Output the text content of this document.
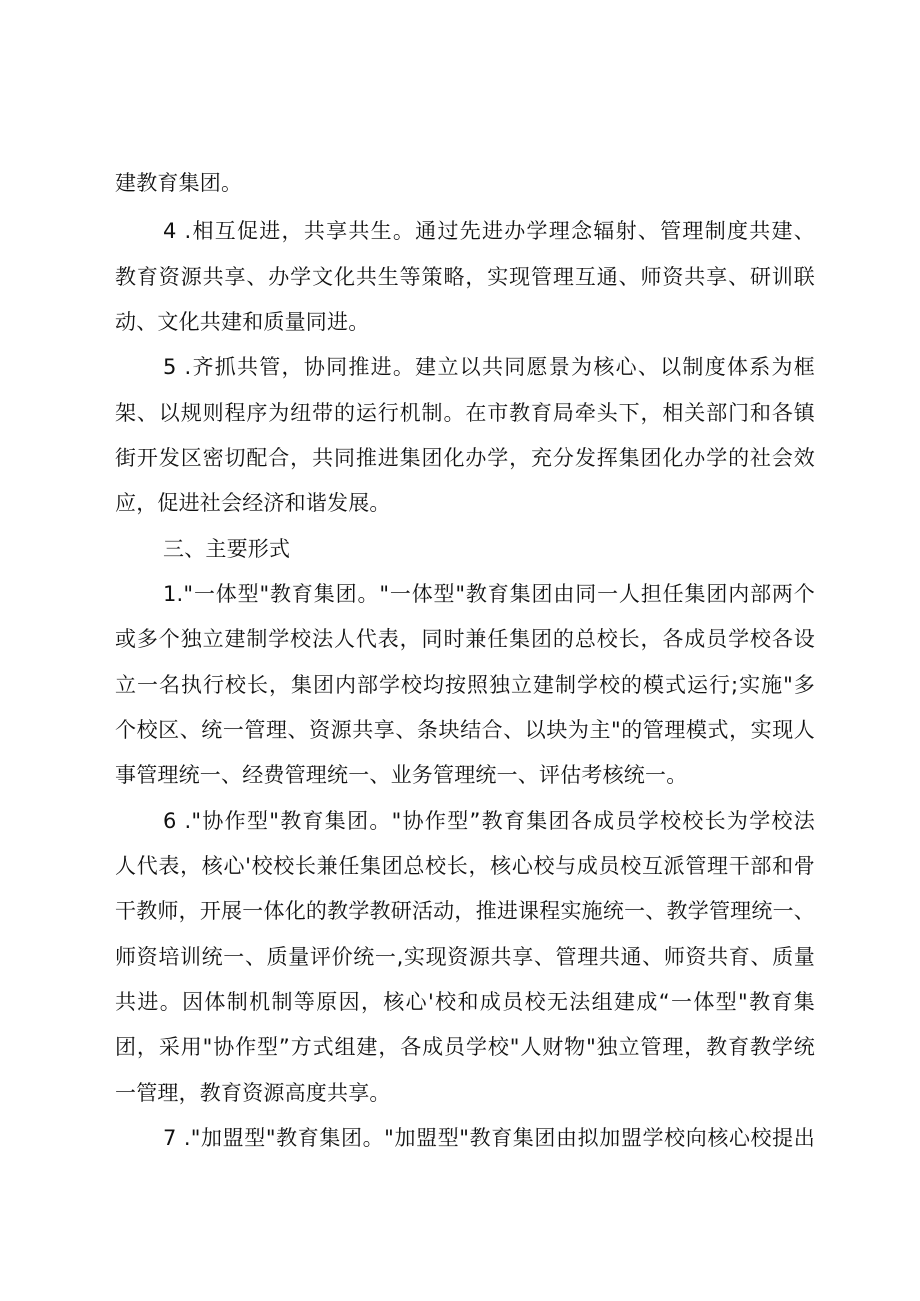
建教育集团。
4 .相互促进，共享共生。通过先进办学理念辐射、管理制度共建、
教育资源共享、办学文化共生等策略，实现管理互通、师资共享、研训联
动、文化共建和质量同进。
5 .齐抓共管，协同推进。建立以共同愿景为核心、以制度体系为框
架、以规则程序为纽带的运行机制。在市教育局牵头下，相关部门和各镇
街开发区密切配合，共同推进集团化办学，充分发挥集团化办学的社会效
应，促进社会经济和谐发展。
三、主要形式
1."一体型"教育集团。"一体型"教育集团由同一人担任集团内部两个
或多个独立建制学校法人代表，同时兼任集团的总校长，各成员学校各设
立一名执行校长，集团内部学校均按照独立建制学校的模式运行;实施"多
个校区、统一管理、资源共享、条块结合、以块为主"的管理模式，实现人
事管理统一、经费管理统一、业务管理统一、评估考核统一。
6 ."协作型"教育集团。"协作型”教育集团各成员学校校长为学校法
人代表，核心'校校长兼任集团总校长，核心校与成员校互派管理干部和骨
干教师，开展一体化的教学教研活动，推进课程实施统一、教学管理统一、
师资培训统一、质量评价统一,实现资源共享、管理共通、师资共育、质量
共进。因体制机制等原因，核心'校和成员校无法组建成“一体型"教育集
团，采用"协作型”方式组建，各成员学校"人财物"独立管理，教育教学统
一管理，教育资源高度共享。
7 ."加盟型"教育集团。"加盟型"教育集团由拟加盟学校向核心校提出
